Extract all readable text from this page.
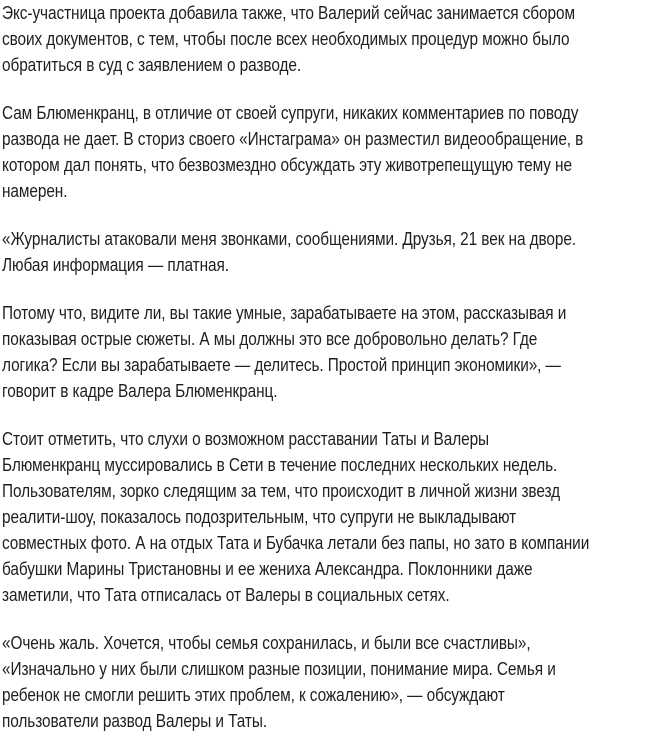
Экс-участница проекта добавила также, что Валерий сейчас занимается сбором
своих документов, с тем, чтобы после всех необходимых процедур можно было
обратиться в суд с заявлением о разводе.
Сам Блюменкранц, в отличие от своей супруги, никаких комментариев по поводу
развода не дает. В сториз своего «Инстаграма» он разместил видеообращение, в
котором дал понять, что безвозмездно обсуждать эту животрепещущую тему не
намерен.
«Журналисты атаковали меня звонками, сообщениями. Друзья, 21 век на дворе.
Любая информация — платная.
Потому что, видите ли, вы такие умные, зарабатываете на этом, рассказывая и
показывая острые сюжеты. А мы должны это все добровольно делать? Где
логика? Если вы зарабатываете — делитесь. Простой принцип экономики», —
говорит в кадре Валера Блюменкранц.
Стоит отметить, что слухи о возможном расставании Таты и Валеры
Блюменкранц муссировались в Сети в течение последних нескольких недель.
Пользователям, зорко следящим за тем, что происходит в личной жизни звезд
реалити-шоу, показалось подозрительным, что супруги не выкладывают
совместных фото. А на отдых Тата и Бубачка летали без папы, но зато в компании
бабушки Марины Тристановны и ее жениха Александра. Поклонники даже
заметили, что Тата отписалась от Валеры в социальных сетях.
«Очень жаль. Хочется, чтобы семья сохранилась, и были все счастливы»,
«Изначально у них были слишком разные позиции, понимание мира. Семья и
ребенок не смогли решить этих проблем, к сожалению», — обсуждают
пользователи развод Валеры и Таты.
